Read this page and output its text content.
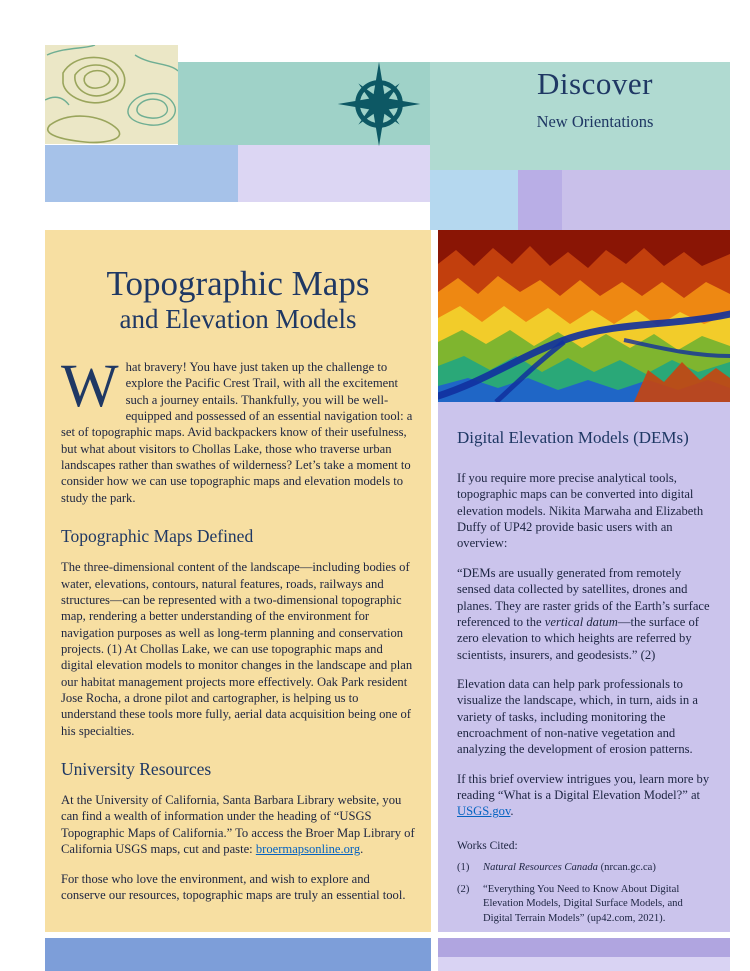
Discover
New Orientations
Topographic Maps
and Elevation Models

What bravery! You have just taken up the challenge to explore the Pacific Crest Trail, with all the excitement such a journey entails. Thankfully, you will be well-equipped and possessed of an essential navigation tool: a set of topographic maps. Avid backpackers know of their usefulness, but what about visitors to Chollas Lake, those who traverse urban landscapes rather than swathes of wilderness? Let’s take a moment to consider how we can use topographic maps and elevation models to study the park.

Topographic Maps Defined

The three-dimensional content of the landscape—including bodies of water, elevations, contours, natural features, roads, railways and structures—can be represented with a two-dimensional topographic map, rendering a better understanding of the environment for navigation purposes as well as long-term planning and conservation projects. (1) At Chollas Lake, we can use topographic maps and digital elevation models to monitor changes in the landscape and plan our habitat management projects more effectively. Oak Park resident Jose Rocha, a drone pilot and cartographer, is helping us to understand these tools more fully, aerial data acquisition being one of his specialties.

University Resources

At the University of California, Santa Barbara Library website, you can find a wealth of information under the heading of “USGS Topographic Maps of California.” To access the Broer Map Library of California USGS maps, cut and paste: broermapsonline.org.

For those who love the environment, and wish to explore and conserve our resources, topographic maps are truly an essential tool.

Digital Elevation Models (DEMs)

If you require more precise analytical tools, topographic maps can be converted into digital elevation models. Nikita Marwaha and Elizabeth Duffy of UP42 provide basic users with an overview:

“DEMs are usually generated from remotely sensed data collected by satellites, drones and planes. They are raster grids of the Earth’s surface referenced to the vertical datum—the surface of zero elevation to which heights are referred by scientists, insurers, and geodesists.” (2)

Elevation data can help park professionals to visualize the landscape, which, in turn, aids in a variety of tasks, including monitoring the encroachment of non-native vegetation and analyzing the development of erosion patterns.

If this brief overview intrigues you, learn more by reading “What is a Digital Elevation Model?” at USGS.gov.

Works Cited:
(1)	Natural Resources Canada (nrcan.gc.ca)
(2)	“Everything You Need to Know About Digital Elevation Models, Digital Surface Models, and Digital Terrain Models” (up42.com, 2021).
